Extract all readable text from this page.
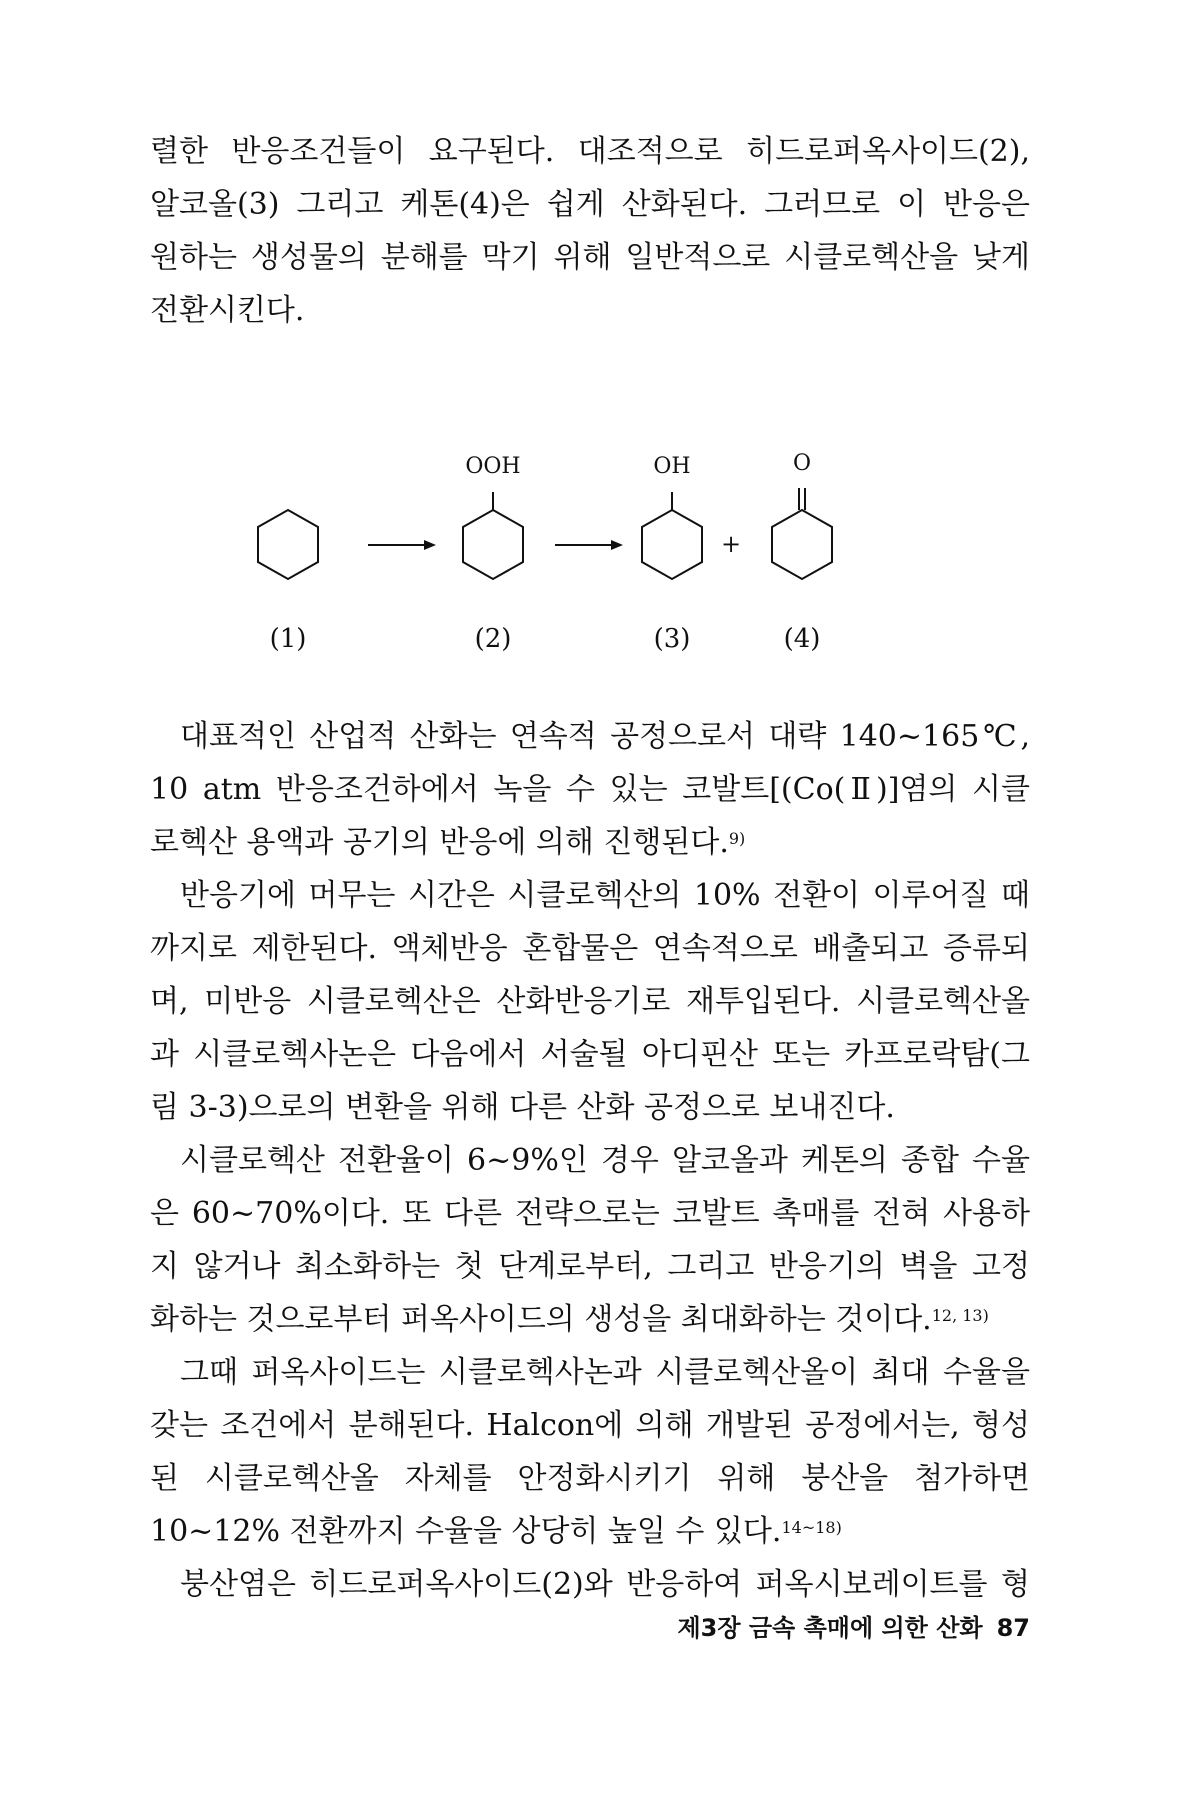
렬한 반응조건들이 요구된다. 대조적으로 히드로퍼옥사이드(2),
알코올(3) 그리고 케톤(4)은 쉽게 산화된다. 그러므로 이 반응은
원하는 생성물의 분해를 막기 위해 일반적으로 시클로헥산을 낮게
전환시킨다.

OOH	OH
+
O
(1)	(2)	(3)	(4)

대표적인 산업적 산화는 연속적 공정으로서 대략 140~165℃,
10 atm 반응조건하에서 녹을 수 있는 코발트[(Co(Ⅱ)]염의 시클
로헥산 용액과 공기의 반응에 의해 진행된다.$^{9)}$

반응기에 머무는 시간은 시클로헥산의 10% 전환이 이루어질 때
까지로 제한된다. 액체반응 혼합물은 연속적으로 배출되고 증류되
며, 미반응 시클로헥산은 산화반응기로 재투입된다. 시클로헥산올
과 시클로헥사논은 다음에서 서술될 아디핀산 또는 카프로락탐(그
림 3-3)으로의 변환을 위해 다른 산화 공정으로 보내진다.

시클로헥산 전환율이 6~9%인 경우 알코올과 케톤의 종합 수율
은 60~70%이다. 또 다른 전략으로는 코발트 촉매를 전혀 사용하
지 않거나 최소화하는 첫 단계로부터, 그리고 반응기의 벽을 고정
화하는 것으로부터 퍼옥사이드의 생성을 최대화하는 것이다.$^{12, 13)}$

그때 퍼옥사이드는 시클로헥사논과 시클로헥산올이 최대 수율을
갖는 조건에서 분해된다. Halcon에 의해 개발된 공정에서는, 형성
된 시클로헥산올 자체를 안정화시키기 위해 붕산을 첨가하면
10~12% 전환까지 수율을 상당히 높일 수 있다.$^{14\sim 18)}$

붕산염은 히드로퍼옥사이드(2)와 반응하여 퍼옥시보레이트를 형

제3장 금속 촉매에 의한 산화 87
